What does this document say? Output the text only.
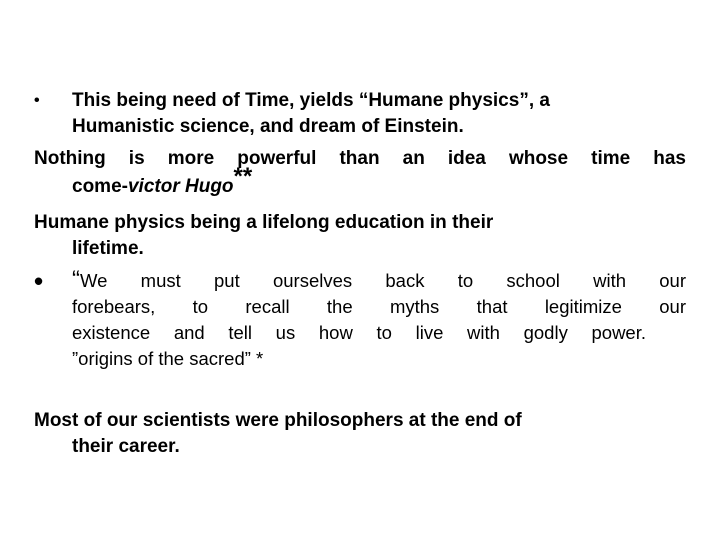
• This being need of Time, yields “Humane physics”, a
Humanistic science, and dream of Einstein.
Nothing is more powerful than an idea whose time has
come-victor Hugo**
Humane physics being a lifelong education in their
lifetime.
• “We must put ourselves back to school with our
forebears, to recall the myths that legitimize our
existence and tell us how to live with godly power.
”origins of the sacred” *
Most of our scientists were philosophers at the end of
their career.
